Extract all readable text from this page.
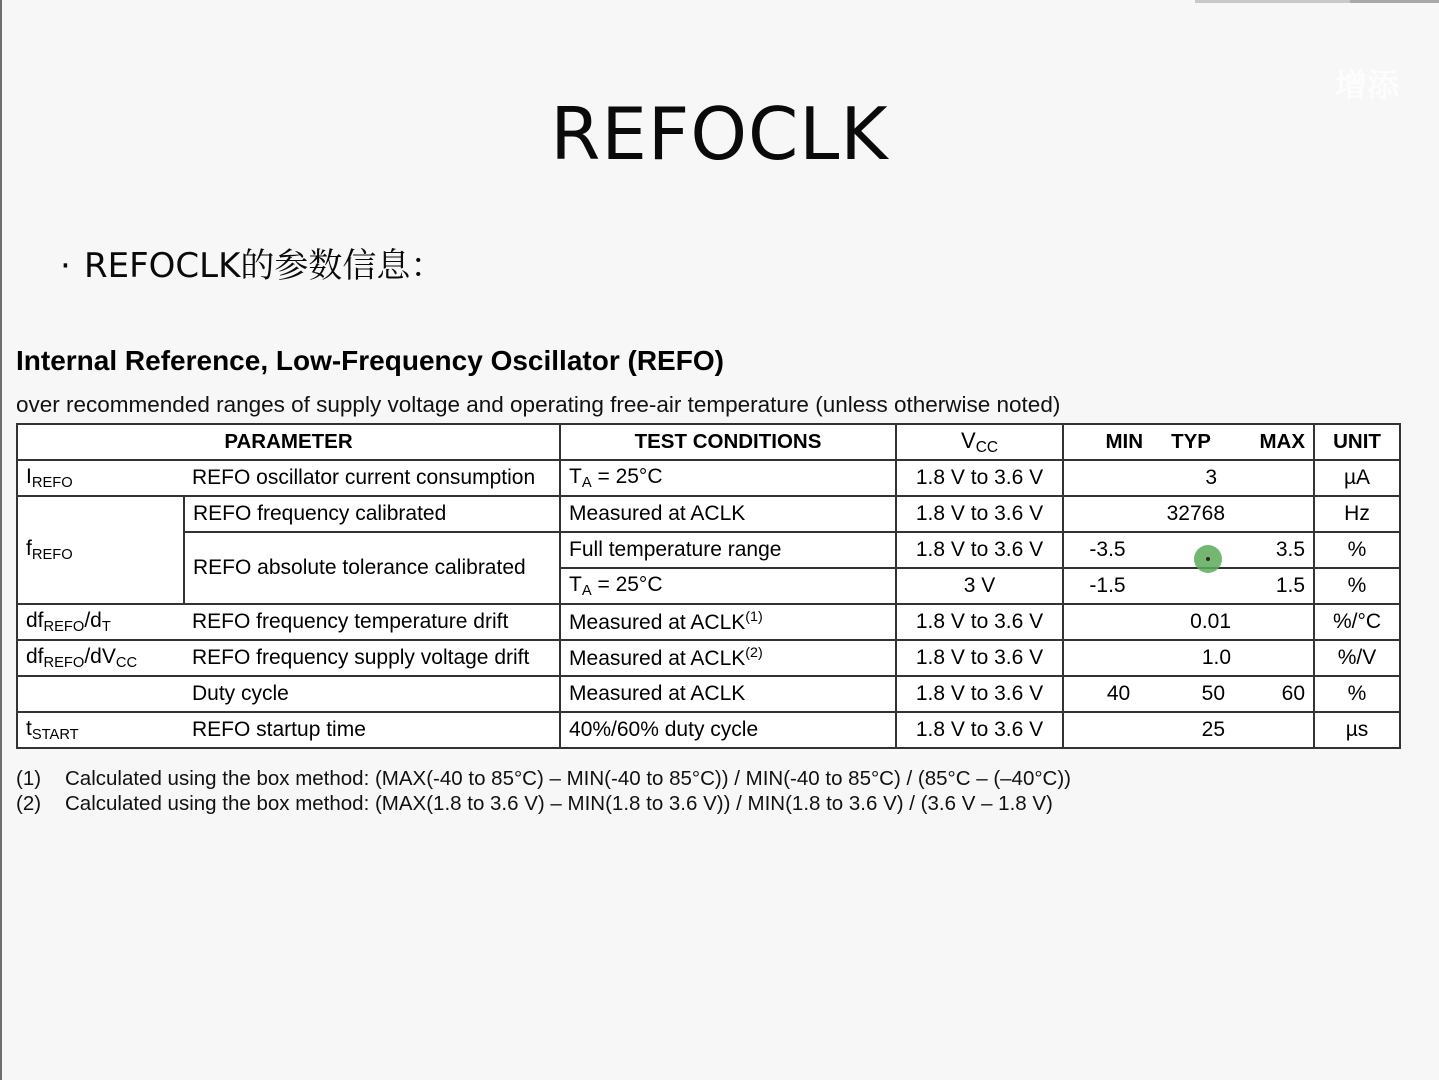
增添
REFOCLK
· REFOCLK的参数信息：
Internal Reference, Low-Frequency Oscillator (REFO)
over recommended ranges of supply voltage and operating free-air temperature (unless otherwise noted)
PARAMETER		TEST CONDITIONS	$V_{CC}$	MIN	TYP	MAX	UNIT
$I_{REFO}$	REFO oscillator current consumption	$T_A = 25^\circ C$	1.8 V to 3.6 V		3		µA
$f_{REFO}$	REFO frequency calibrated	Measured at ACLK	1.8 V to 3.6 V		32768		Hz
	REFO absolute tolerance calibrated	Full temperature range	1.8 V to 3.6 V	-3.5		3.5	%
		$T_A = 25^\circ C$	3 V	-1.5		1.5	%
$df_{REFO}/d_T$	REFO frequency temperature drift	Measured at ACLK$^{(1)}$	1.8 V to 3.6 V		0.01		%/°C
$df_{REFO}/dV_{CC}$	REFO frequency supply voltage drift	Measured at ACLK$^{(2)}$	1.8 V to 3.6 V		1.0		%/V
	Duty cycle	Measured at ACLK	1.8 V to 3.6 V	40	50	60	%
$t_{START}$	REFO startup time	40%/60% duty cycle	1.8 V to 3.6 V		25		µs
(1) Calculated using the box method: (MAX(-40 to 85°C) – MIN(-40 to 85°C)) / MIN(-40 to 85°C) / (85°C – (–40°C))
(2) Calculated using the box method: (MAX(1.8 to 3.6 V) – MIN(1.8 to 3.6 V)) / MIN(1.8 to 3.6 V) / (3.6 V – 1.8 V)
